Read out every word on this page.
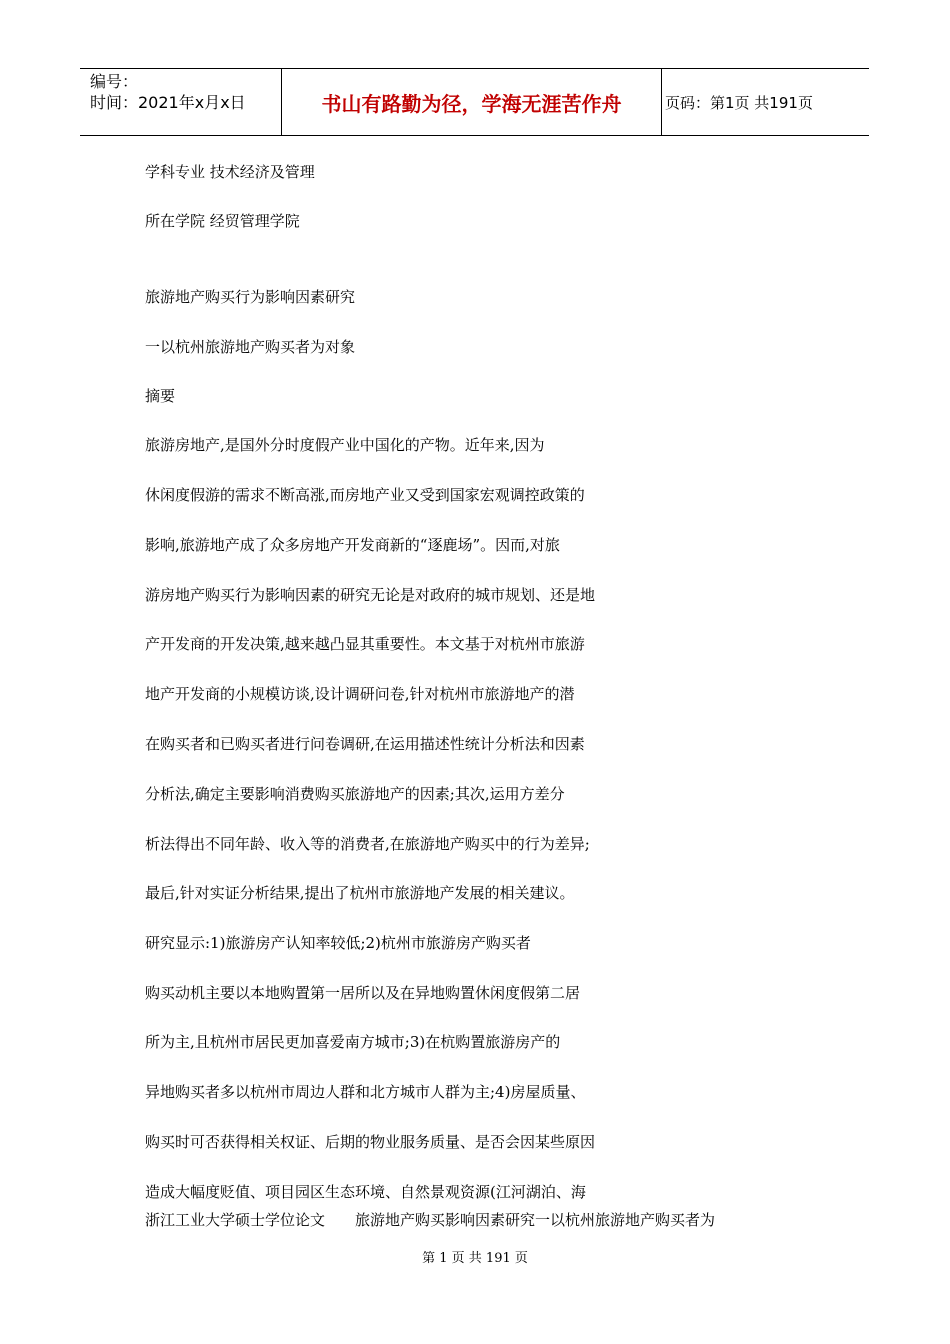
编号：
时间：2021年x月x日	书山有路勤为径，学海无涯苦作舟	页码：第1页 共191页
学科专业 技术经济及管理
所在学院 经贸管理学院
旅游地产购买行为影响因素研究
一以杭州旅游地产购买者为对象
摘要
旅游房地产,是国外分时度假产业中国化的产物。近年来,因为
休闲度假游的需求不断高涨,而房地产业又受到国家宏观调控政策的
影响,旅游地产成了众多房地产开发商新的“逐鹿场”。因而,对旅
游房地产购买行为影响因素的研究无论是对政府的城市规划、还是地
产开发商的开发决策,越来越凸显其重要性。本文基于对杭州市旅游
地产开发商的小规模访谈,设计调研问卷,针对杭州市旅游地产的潜
在购买者和已购买者进行问卷调研,在运用描述性统计分析法和因素
分析法,确定主要影响消费购买旅游地产的因素;其次,运用方差分
析法得出不同年龄、收入等的消费者,在旅游地产购买中的行为差异;
最后,针对实证分析结果,提出了杭州市旅游地产发展的相关建议。
研究显示:1)旅游房产认知率较低;2)杭州市旅游房产购买者
购买动机主要以本地购置第一居所以及在异地购置休闲度假第二居
所为主,且杭州市居民更加喜爱南方城市;3)在杭购置旅游房产的
异地购买者多以杭州市周边人群和北方城市人群为主;4)房屋质量、
购买时可否获得相关权证、后期的物业服务质量、是否会因某些原因
造成大幅度贬值、项目园区生态环境、自然景观资源(江河湖泊、海
浙江工业大学硕士学位论文 旅游地产购买影响因素研究一以杭州旅游地产购买者为
第 1 页 共 191 页
